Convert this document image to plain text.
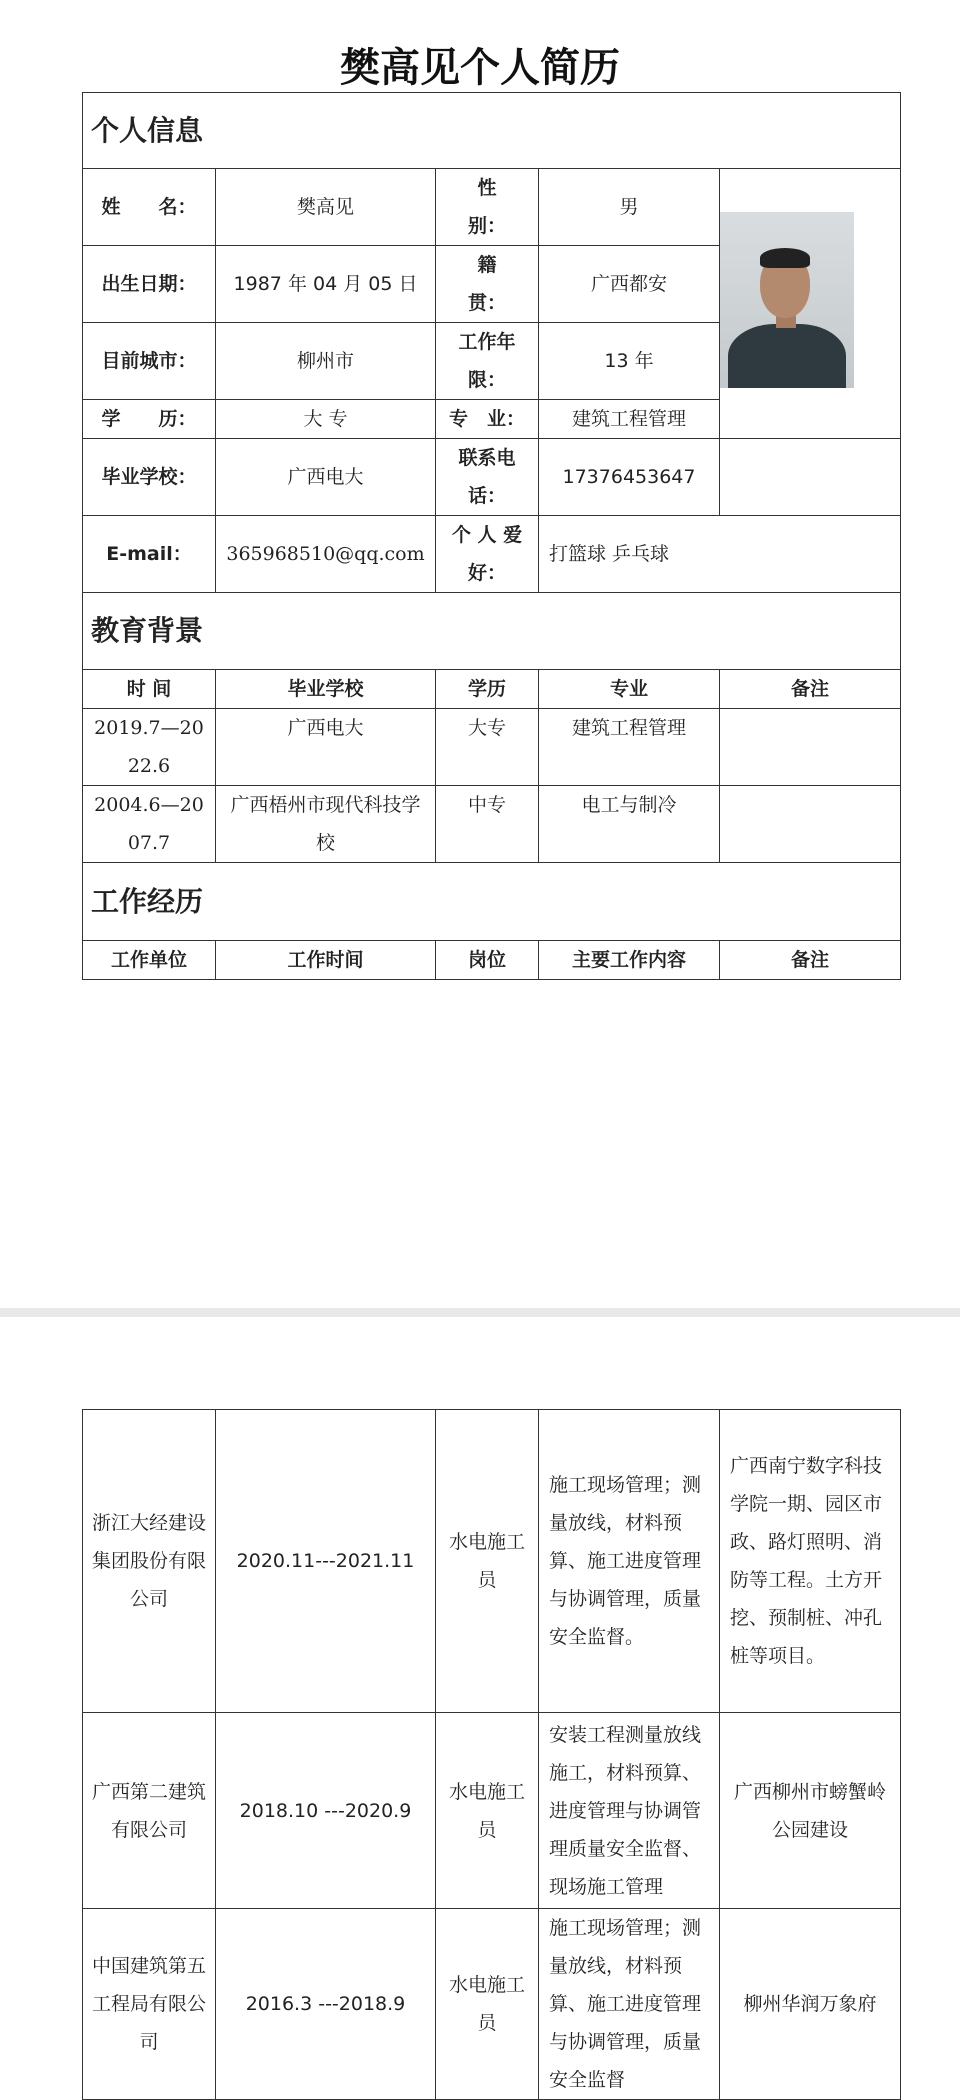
樊高见个人简历
个人信息				
姓　　名：	樊高见	性　　别：	男	

出生日期：	1987 年 04 月 05 日	籍　　贯：	广西都安	
目前城市：	柳州市	工作年限：	13 年	
学　　历：	大 专	专　业：	建筑工程管理	
毕业学校：	广西电大	联系电话：	17376453647	
E-mail：	365968510@qq.com	个 人 爱 好：	打篮球 乒乓球	
教育背景				
时 间	毕业学校	学历	专业	备注
2019.7—2022.6	广西电大	大专	建筑工程管理	
2004.6—2007.7	广西梧州市现代科技学校	中专	电工与制冷	
工作经历				
工作单位	工作时间	岗位	主要工作内容	备注
浙江大经建设集团股份有限公司	2020.11---2021.11	水电施工员	施工现场管理；测量放线，材料预算、施工进度管理与协调管理，质量安全监督。	广西南宁数字科技学院一期、园区市政、路灯照明、消防等工程。土方开挖、预制桩、冲孔桩等项目。
广西第二建筑有限公司	2018.10 ---2020.9	水电施工员	安装工程测量放线施工，材料预算、进度管理与协调管理质量安全监督、现场施工管理	广西柳州市螃蟹岭公园建设
中国建筑第五工程局有限公司	2016.3 ---2018.9	水电施工员	施工现场管理；测量放线，材料预算、施工进度管理与协调管理，质量安全监督	柳州华润万象府
